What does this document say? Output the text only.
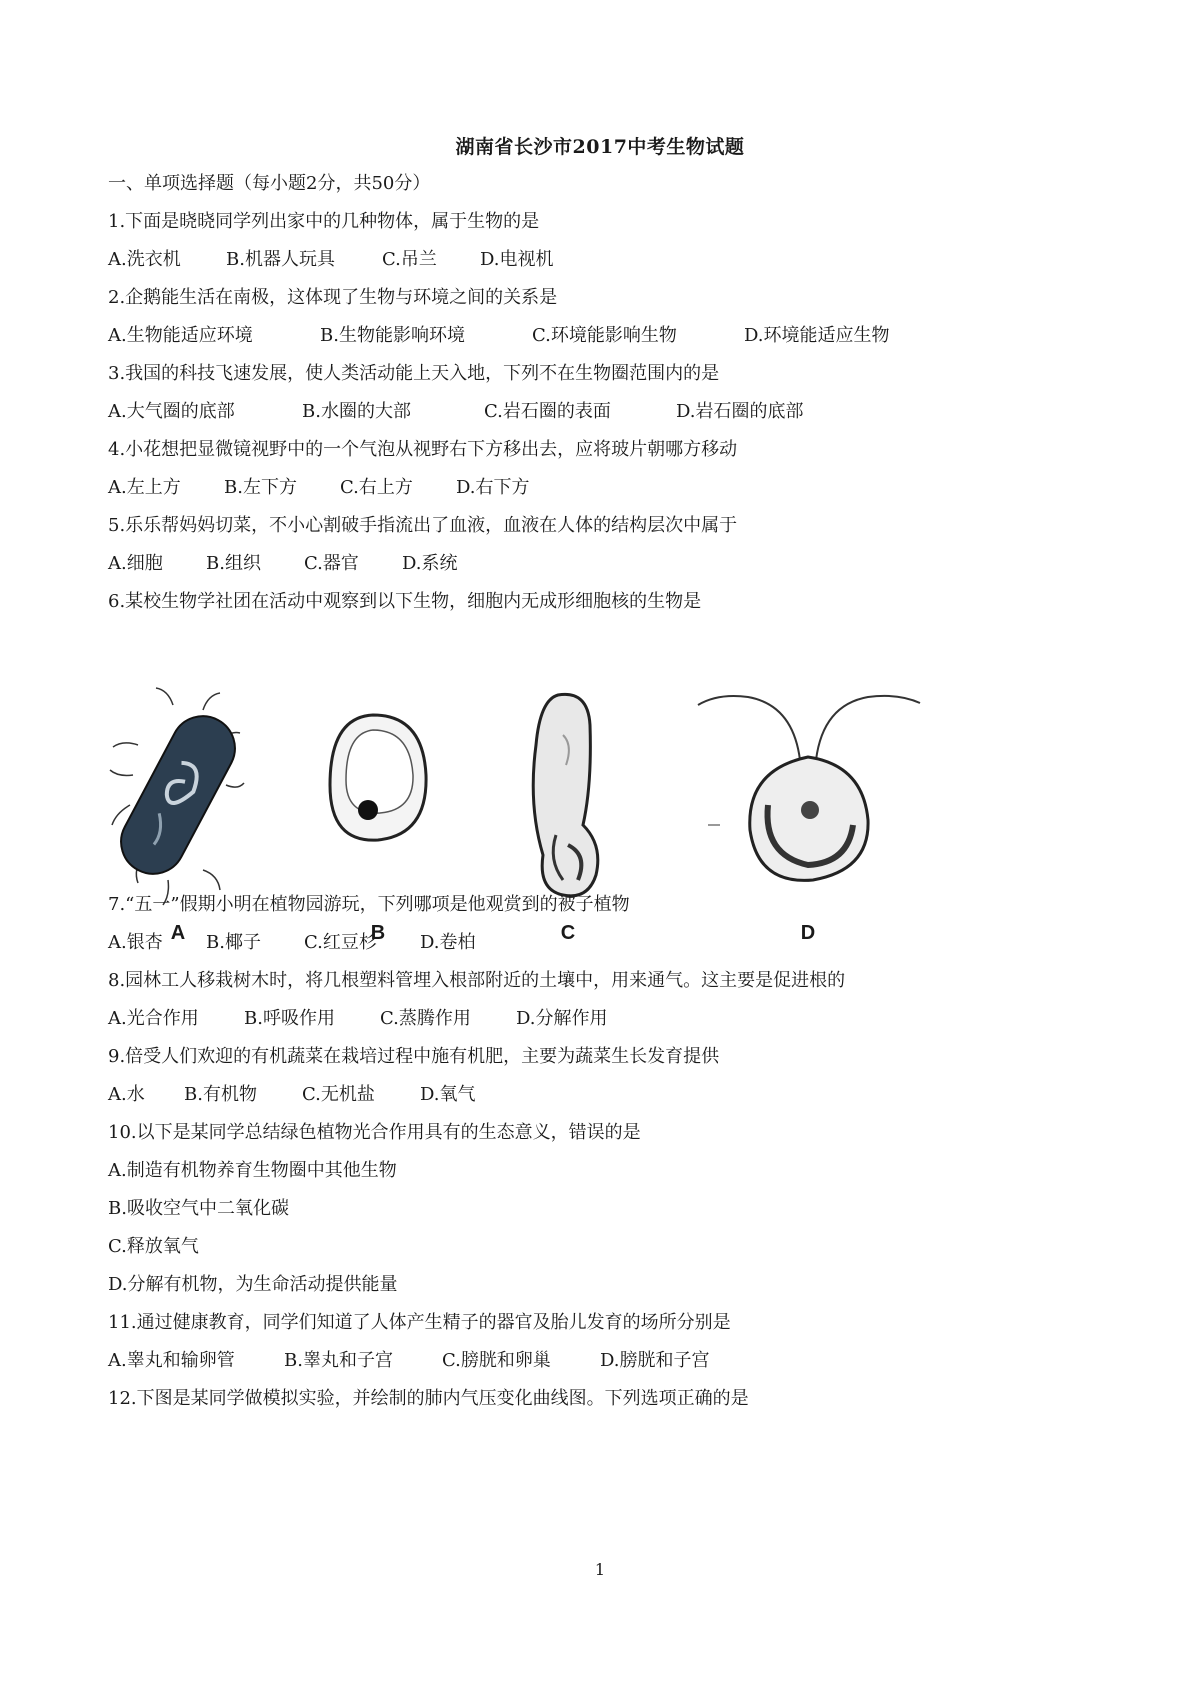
湖南省长沙市2017中考生物试题
一、单项选择题（每小题2分，共50分）
1.下面是晓晓同学列出家中的几种物体，属于生物的是
A.洗衣机	B.机器人玩具	C.吊兰 D.电视机
2.企鹅能生活在南极，这体现了生物与环境之间的关系是
A.生物能适应环境	B.生物能影响环境	C.环境能影响生物	D.环境能适应生物
3.我国的科技飞速发展，使人类活动能上天入地，下列不在生物圈范围内的是
A.大气圈的底部	B.水圈的大部	C.岩石圈的表面	D.岩石圈的底部
4.小花想把显微镜视野中的一个气泡从视野右下方移出去，应将玻片朝哪方移动
A.左上方 B.左下方 C.右上方 D.右下方
5.乐乐帮妈妈切菜，不小心割破手指流出了血液，血液在人体的结构层次中属于
A.细胞 B.组织 C.器官 D.系统
6.某校生物学社团在活动中观察到以下生物，细胞内无成形细胞核的生物是
A	B	C	D
7.“五一”假期小明在植物园游玩，下列哪项是他观赏到的被子植物
A.银杏 B.椰子 C.红豆杉 D.卷柏
8.园林工人移栽树木时，将几根塑料管埋入根部附近的土壤中，用来通气。这主要是促进根的
A.光合作用	B.呼吸作用	C.蒸腾作用	D.分解作用
9.倍受人们欢迎的有机蔬菜在栽培过程中施有机肥，主要为蔬菜生长发育提供
A.水 B.有机物	C.无机盐	D.氧气
10.以下是某同学总结绿色植物光合作用具有的生态意义，错误的是
A.制造有机物养育生物圈中其他生物
B.吸收空气中二氧化碳
C.释放氧气
D.分解有机物，为生命活动提供能量
11.通过健康教育，同学们知道了人体产生精子的器官及胎儿发育的场所分别是
A.睾丸和输卵管	B.睾丸和子宫	C.膀胱和卵巢	D.膀胱和子宫
12.下图是某同学做模拟实验，并绘制的肺内气压变化曲线图。下列选项正确的是
1
